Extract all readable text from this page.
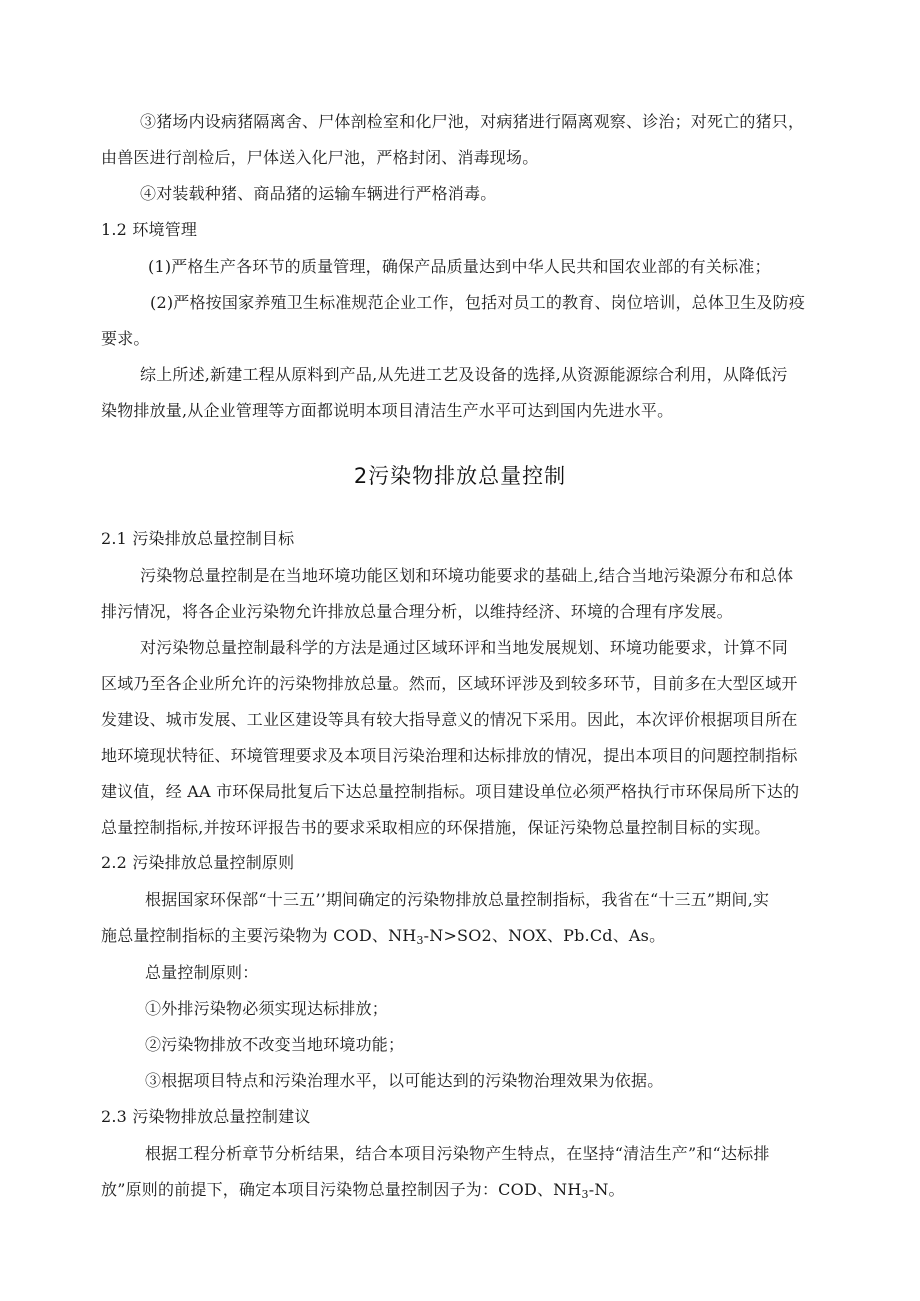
③猪场内设病猪隔离舍、尸体剖检室和化尸池，对病猪进行隔离观察、诊治；对死亡的猪只，
由兽医进行剖检后，尸体送入化尸池，严格封闭、消毒现场。
④对装载种猪、商品猪的运输车辆进行严格消毒。
1.2 环境管理
(1)严格生产各环节的质量管理，确保产品质量达到中华人民共和国农业部的有关标准；
(2)严格按国家养殖卫生标准规范企业工作，包括对员工的教育、岗位培训，总体卫生及防疫
要求。
综上所述,新建工程从原料到产品,从先进工艺及设备的选择,从资源能源综合利用，从降低污
染物排放量,从企业管理等方面都说明本项目清洁生产水平可达到国内先进水平。
2污染物排放总量控制
2.1 污染排放总量控制目标
污染物总量控制是在当地环境功能区划和环境功能要求的基础上,结合当地污染源分布和总体
排污情况，将各企业污染物允许排放总量合理分析，以维持经济、环境的合理有序发展。
对污染物总量控制最科学的方法是通过区域环评和当地发展规划、环境功能要求，计算不同
区域乃至各企业所允许的污染物排放总量。然而，区域环评涉及到较多环节，目前多在大型区域开
发建设、城市发展、工业区建设等具有较大指导意义的情况下采用。因此，本次评价根据项目所在
地环境现状特征、环境管理要求及本项目污染治理和达标排放的情况，提出本项目的问题控制指标
建议值，经 AA 市环保局批复后下达总量控制指标。项目建设单位必须严格执行市环保局所下达的
总量控制指标,并按环评报告书的要求采取相应的环保措施，保证污染物总量控制目标的实现。
2.2 污染排放总量控制原则
根据国家环保部“十三五’’期间确定的污染物排放总量控制指标，我省在“十三五”期间,实
施总量控制指标的主要污染物为 COD、$NH_3-N>SO2$、NOX、Pb.Cd、As。
总量控制原则：
①外排污染物必须实现达标排放；
②污染物排放不改变当地环境功能；
③根据项目特点和污染治理水平，以可能达到的污染物治理效果为依据。
2.3 污染物排放总量控制建议
根据工程分析章节分析结果，结合本项目污染物产生特点，在坚持“清洁生产”和“达标排
放”原则的前提下，确定本项目污染物总量控制因子为：COD、$NH_3-N$。
